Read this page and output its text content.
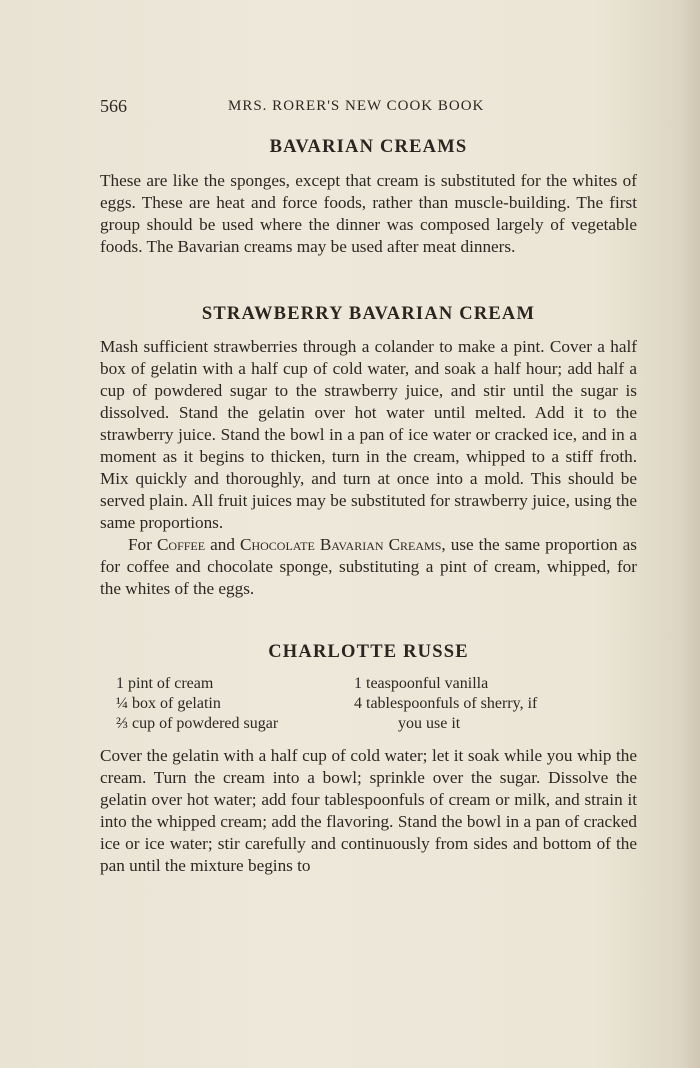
566	MRS. RORER'S NEW COOK BOOK
BAVARIAN CREAMS

These are like the sponges, except that cream is substituted for the whites of eggs. These are heat and force foods, rather than muscle-building. The first group should be used where the dinner was composed largely of vegetable foods. The Bavarian creams may be used after meat dinners.

STRAWBERRY BAVARIAN CREAM

Mash sufficient strawberries through a colander to make a pint. Cover a half box of gelatin with a half cup of cold water, and soak a half hour; add half a cup of powdered sugar to the strawberry juice, and stir until the sugar is dissolved. Stand the gelatin over hot water until melted. Add it to the strawberry juice. Stand the bowl in a pan of ice water or cracked ice, and in a moment as it begins to thicken, turn in the cream, whipped to a stiff froth. Mix quickly and thoroughly, and turn at once into a mold. This should be served plain. All fruit juices may be substituted for strawberry juice, using the same proportions.

For Coffee and Chocolate Bavarian Creams, use the same proportion as for coffee and chocolate sponge, substituting a pint of cream, whipped, for the whites of the eggs.

CHARLOTTE RUSSE
1 pint of cream
¼ box of gelatin
⅔ cup of powdered sugar
1 teaspoonful vanilla
4 tablespoonfuls of sherry, if
you use it

Cover the gelatin with a half cup of cold water; let it soak while you whip the cream. Turn the cream into a bowl; sprinkle over the sugar. Dissolve the gelatin over hot water; add four tablespoonfuls of cream or milk, and strain it into the whipped cream; add the flavoring. Stand the bowl in a pan of cracked ice or ice water; stir carefully and continuously from sides and bottom of the pan until the mixture begins to
